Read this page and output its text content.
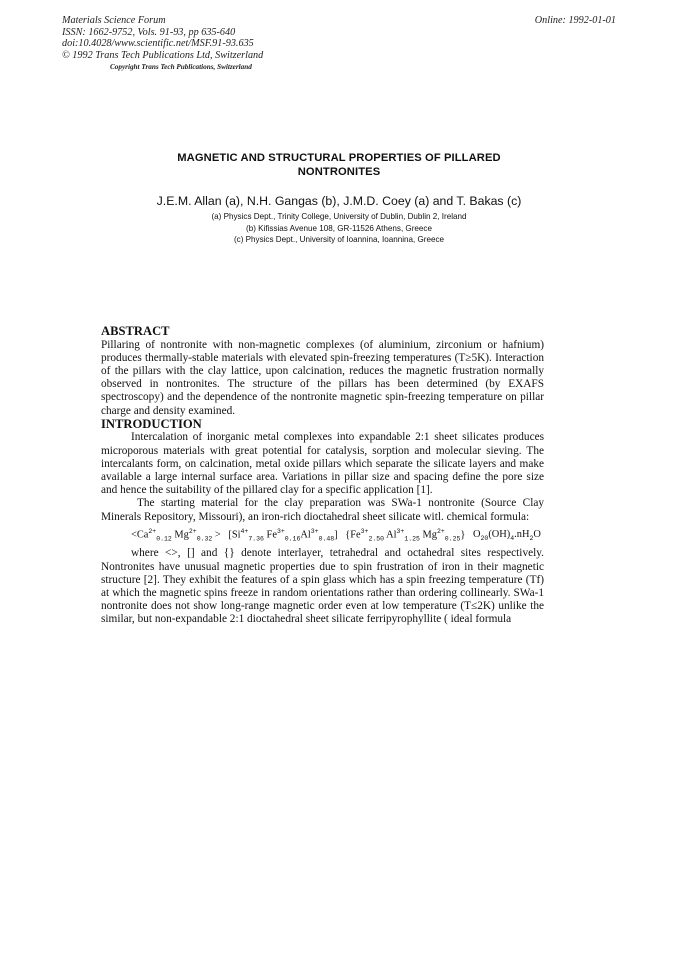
Materials Science Forum
ISSN: 1662-9752, Vols. 91-93, pp 635-640
doi:10.4028/www.scientific.net/MSF.91-93.635
© 1992 Trans Tech Publications Ltd, Switzerland
Copyright Trans Tech Publications, Switzerland
Online: 1992-01-01
MAGNETIC AND STRUCTURAL PROPERTIES OF PILLARED
NONTRONITES
J.E.M. Allan (a), N.H. Gangas (b), J.M.D. Coey (a) and T. Bakas (c)
(a) Physics Dept., Trinity College, University of Dublin, Dublin 2, Ireland
(b) Kifissias Avenue 108, GR-11526 Athens, Greece
(c) Physics Dept., University of Ioannina, Ioannina, Greece
ABSTRACT

Pillaring of nontronite with non-magnetic complexes (of aluminium, zirconium or hafnium) produces thermally-stable materials with elevated spin-freezing temperatures (T≥5K). Interaction of the pillars with the clay lattice, upon calcination, reduces the magnetic frustration normally observed in nontronites. The structure of the pillars has been determined (by EXAFS spectroscopy) and the dependence of the nontronite magnetic spin-freezing temperature on pillar charge and density examined.

INTRODUCTION

Intercalation of inorganic metal complexes into expandable 2:1 sheet silicates produces microporous materials with great potential for catalysis, sorption and molecular sieving. The intercalants form, on calcination, metal oxide pillars which separate the silicate layers and make available a large internal surface area. Variations in pillar size and spacing define the pore size and hence the suitability of the pillared clay for a specific application [1].

The starting material for the clay preparation was SWa-1 nontronite (Source Clay Minerals Repository, Missouri), an iron-rich dioctahedral sheet silicate witl. chemical formula:

$<Ca^{2+}_{0.12}$ $Mg^{2+}_{0.32} > [Si^{4+}_{7.36}$ $Fe^{3+}_{0.16}Al^{3+}_{0.48}$] {$Fe^{3+}_{2.50}$ $Al^{3+}_{1.25}$ $Mg^{2+}_{0.25}$} $O_{20}(OH)_4.nH_2O$

where <>, [] and {} denote interlayer, tetrahedral and octahedral sites respectively. Nontronites have unusual magnetic properties due to spin frustration of iron in their magnetic structure [2]. They exhibit the features of a spin glass which has a spin freezing temperature (Tf) at which the magnetic spins freeze in random orientations rather than ordering collinearly. SWa-1 nontronite does not show long-range magnetic order even at low temperature (T≤2K) unlike the similar, but non-expandable 2:1 dioctahedral sheet silicate ferripyrophyllite ( ideal formula
